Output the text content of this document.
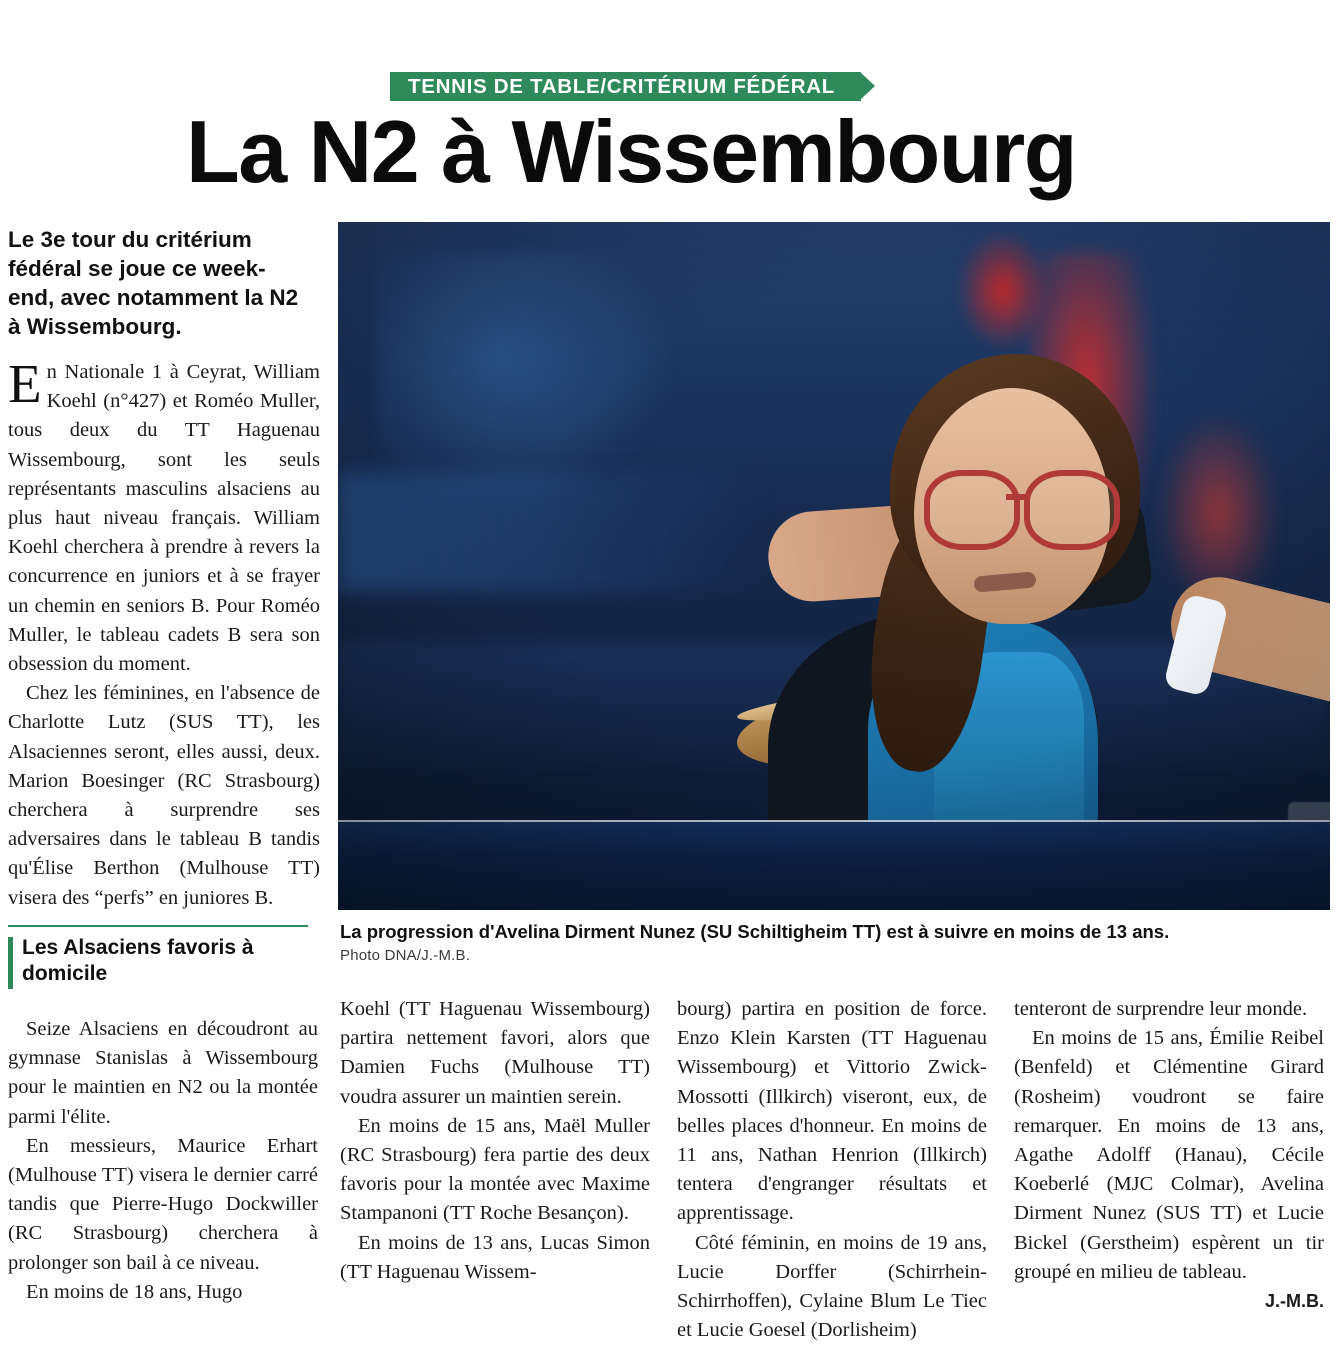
TENNIS DE TABLE/CRITÉRIUM FÉDÉRAL
La N2 à Wissembourg
Le 3e tour du critérium fédéral se joue ce week-end, avec notamment la N2 à Wissembourg.

En Nationale 1 à Ceyrat, William Koehl (n°427) et Roméo Muller, tous deux du TT Haguenau Wissembourg, sont les seuls représentants masculins alsaciens au plus haut niveau français. William Koehl cherchera à prendre à revers la concurrence en juniors et à se frayer un chemin en seniors B. Pour Roméo Muller, le tableau cadets B sera son obsession du moment.

Chez les féminines, en l'absence de Charlotte Lutz (SUS TT), les Alsaciennes seront, elles aussi, deux. Marion Boesinger (RC Strasbourg) cherchera à surprendre ses adversaires dans le tableau B tandis qu'Élise Berthon (Mulhouse TT) visera des “perfs” en juniores B.

Les Alsaciens favoris à domicile

Seize Alsaciens en découdront au gymnase Stanislas à Wissembourg pour le maintien en N2 ou la montée parmi l'élite.

En messieurs, Maurice Erhart (Mulhouse TT) visera le dernier carré tandis que Pierre-Hugo Dockwiller (RC Strasbourg) cherchera à prolonger son bail à ce niveau.

En moins de 18 ans, Hugo

La progression d'Avelina Dirment Nunez (SU Schiltigheim TT) est à suivre en moins de 13 ans.
Photo DNA/J.-M.B.

Koehl (TT Haguenau Wissembourg) partira nettement favori, alors que Damien Fuchs (Mulhouse TT) voudra assurer un maintien serein.

En moins de 15 ans, Maël Muller (RC Strasbourg) fera partie des deux favoris pour la montée avec Maxime Stampanoni (TT Roche Besançon).

En moins de 13 ans, Lucas Simon (TT Haguenau Wissem-

bourg) partira en position de force. Enzo Klein Karsten (TT Haguenau Wissembourg) et Vittorio Zwick-Mossotti (Illkirch) viseront, eux, de belles places d'honneur. En moins de 11 ans, Nathan Henrion (Illkirch) tentera d'engranger résultats et apprentissage.

Côté féminin, en moins de 19 ans, Lucie Dorffer (Schirrhein-Schirrhoffen), Cylaine Blum Le Tiec et Lucie Goesel (Dorlisheim)

tenteront de surprendre leur monde.

En moins de 15 ans, Émilie Reibel (Benfeld) et Clémentine Girard (Rosheim) voudront se faire remarquer. En moins de 13 ans, Agathe Adolff (Hanau), Cécile Koeberlé (MJC Colmar), Avelina Dirment Nunez (SUS TT) et Lucie Bickel (Gerstheim) espèrent un tir groupé en milieu de tableau.

J.-M.B.
